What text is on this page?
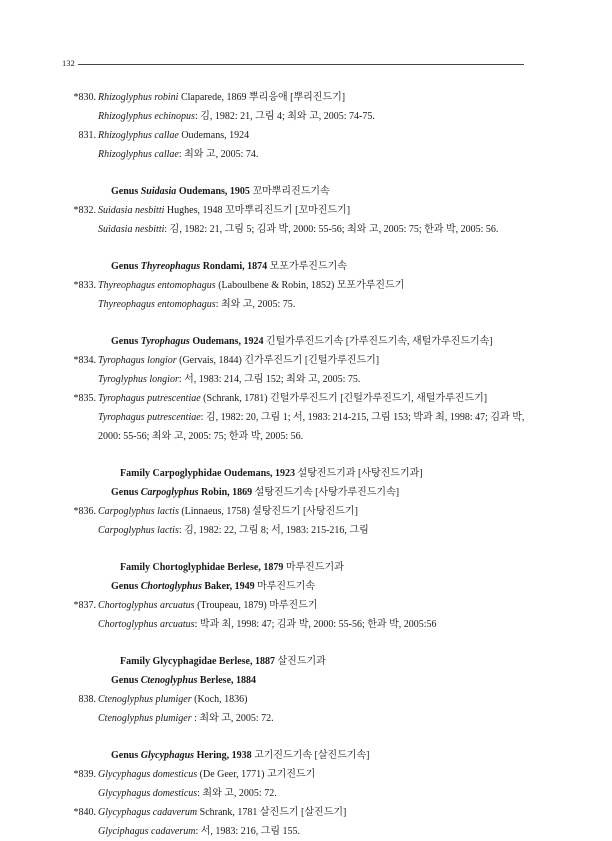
132
*830. Rhizoglyphus robini Claparede, 1869 뿌리응애 [뿌리진드기]
Rhizoglyphus echinopus: 김, 1982: 21, 그림 4; 최와 고, 2005: 74-75.
831. Rhizoglyphus callae Oudemans, 1924
Rhizoglyphus callae: 최와 고, 2005: 74.
Genus Suidasia Oudemans, 1905 꼬마뿌리진드기속
*832. Suidasia nesbitti Hughes, 1948 꼬마뿌리진드기 [꼬마진드기]
Suidasia nesbitti: 김, 1982: 21, 그림 5; 김과 박, 2000: 55-56; 최와 고, 2005: 75; 한과 박, 2005: 56.
Genus Thyreophagus Rondami, 1874 모포가루진드기속
*833. Thyreophagus entomophagus (Laboulbene & Robin, 1852) 모포가루진드기
Thyreophagus entomophagus: 최와 고, 2005: 75.
Genus Tyrophagus Oudemans, 1924 긴털가루진드기속 [가루진드기속, 새털가루진드기속]
*834. Tyrophagus longior (Gervais, 1844) 긴가루진드기 [긴털가루진드기]
Tyroglyphus longior: 서, 1983: 214, 그림 152; 최와 고, 2005: 75.
*835. Tyrophagus putrescentiae (Schrank, 1781) 긴털가루진드기 [긴털가루진드기, 새털가루진드기]
Tyrophagus putrescentiae: 김, 1982: 20, 그림 1; 서, 1983: 214-215, 그림 153; 박과 최, 1998: 47; 김과 박, 2000: 55-56; 최와 고, 2005: 75; 한과 박, 2005: 56.
Family Carpoglyphidae Oudemans, 1923 설탕진드기과 [사탕진드기과]
Genus Carpoglyphus Robin, 1869 설탕진드기속 [사탕가루진드기속]
*836. Carpoglyphus lactis (Linnaeus, 1758) 설탕진드기 [사탕진드기]
Carpoglyphus lactis: 김, 1982: 22, 그림 8; 서, 1983: 215-216, 그림
Family Chortoglyphidae Berlese, 1879 마루진드기과
Genus Chortoglyphus Baker, 1949 마루진드기속
*837. Chortoglyphus arcuatus (Troupeau, 1879) 마루진드기
Chortoglyphus arcuatus: 박과 최, 1998: 47; 김과 박, 2000: 55-56; 한과 박, 2005:56
Family Glycyphagidae Berlese, 1887 살진드기과
Genus Ctenoglyphus Berlese, 1884
838. Ctenoglyphus plumiger (Koch, 1836)
Ctenoglyphus plumiger : 최와 고, 2005: 72.
Genus Glycyphagus Hering, 1938 고기진드기속 [살진드기속]
*839. Glycyphagus domesticus (De Geer, 1771) 고기진드기
Glycyphagus domesticus: 최와 고, 2005: 72.
*840. Glycyphagus cadaverum Schrank, 1781 살진드기 [살진드기]
Glyciphagus cadaverum: 서, 1983: 216, 그림 155.
